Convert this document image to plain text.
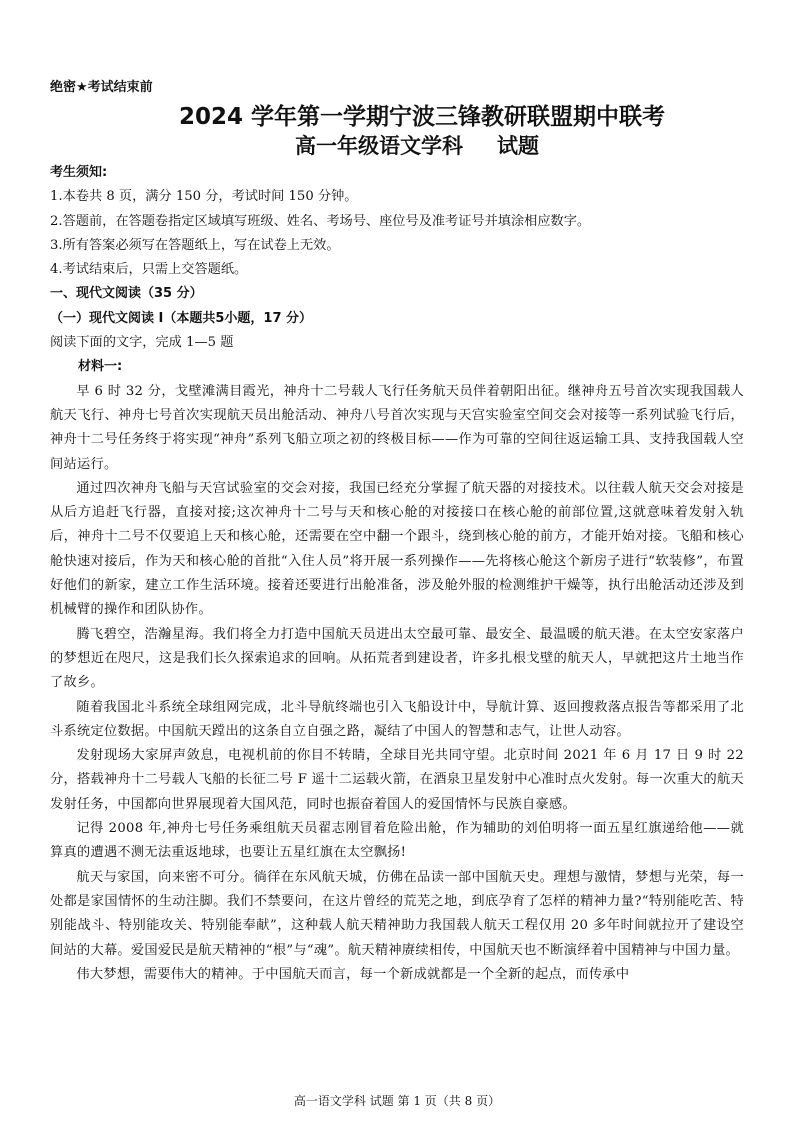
绝密★考试结束前
2024 学年第一学期宁波三锋教研联盟期中联考
高一年级语文学科 试题
考生须知:
1.本卷共 8 页，满分 150 分，考试时间 150 分钟。
2.答题前，在答题卷指定区域填写班级、姓名、考场号、座位号及准考证号并填涂相应数字。
3.所有答案必须写在答题纸上，写在试卷上无效。
4.考试结束后，只需上交答题纸。
一、现代文阅读（35 分）
（一）现代文阅读 I（本题共5小题，17 分）
阅读下面的文字，完成 1—5 题
材料一:

早 6 时 32 分，戈壁滩满目霞光，神舟十二号载人飞行任务航天员伴着朝阳出征。继神舟五号首次实现我国载人航天飞行、神舟七号首次实现航天员出舱活动、神舟八号首次实现与天宫实验室空间交会对接等一系列试验飞行后，神舟十二号任务终于将实现“神舟”系列飞船立项之初的终极目标——作为可靠的空间往返运输工具、支持我国载人空间站运行。

通过四次神舟飞船与天宫试验室的交会对接，我国已经充分掌握了航天器的对接技术。以往载人航天交会对接是从后方追赶飞行器，直接对接;这次神舟十二号与天和核心舱的对接接口在核心舱的前部位置,这就意味着发射入轨后，神舟十二号不仅要追上天和核心舱，还需要在空中翻一个跟斗，绕到核心舱的前方，才能开始对接。飞船和核心舱快速对接后，作为天和核心舱的首批“入住人员”将开展一系列操作——先将核心舱这个新房子进行“软装修”，布置好他们的新家，建立工作生活环境。接着还要进行出舱准备，涉及舱外服的检测维护干燥等，执行出舱活动还涉及到机械臂的操作和团队协作。

腾飞碧空，浩瀚星海。我们将全力打造中国航天员进出太空最可靠、最安全、最温暖的航天港。在太空安家落户的梦想近在咫尺，这是我们长久探索追求的回响。从拓荒者到建设者，许多扎根戈壁的航天人，早就把这片土地当作了故乡。

随着我国北斗系统全球组网完成，北斗导航终端也引入飞船设计中，导航计算、返回搜救落点报告等都采用了北斗系统定位数据。中国航天蹚出的这条自立自强之路，凝结了中国人的智慧和志气，让世人动容。

发射现场大家屏声敛息，电视机前的你目不转睛，全球目光共同守望。北京时间 2021 年 6 月 17 日 9 时 22 分，搭载神舟十二号载人飞船的长征二号 F 遥十二运载火箭，在酒泉卫星发射中心准时点火发射。每一次重大的航天发射任务，中国都向世界展现着大国风范，同时也振奋着国人的爱国情怀与民族自豪感。

记得 2008 年,神舟七号任务乘组航天员翟志刚冒着危险出舱，作为辅助的刘伯明将一面五星红旗递给他——就算真的遭遇不测无法重返地球，也要让五星红旗在太空飘扬!

航天与家国，向来密不可分。徜徉在东风航天城，仿佛在品读一部中国航天史。理想与激情，梦想与光荣，每一处都是家国情怀的生动注脚。我们不禁要问，在这片曾经的荒芜之地，到底孕育了怎样的精神力量?“特别能吃苦、特别能战斗、特别能攻关、特别能奉献”，这种载人航天精神助力我国载人航天工程仅用 20 多年时间就拉开了建设空间站的大幕。爱国爱民是航天精神的“根”与“魂”。航天精神赓续相传，中国航天也不断演绎着中国精神与中国力量。

伟大梦想，需要伟大的精神。于中国航天而言，每一个新成就都是一个全新的起点，而传承中

高一语文学科 试题 第 1 页（共 8 页）
